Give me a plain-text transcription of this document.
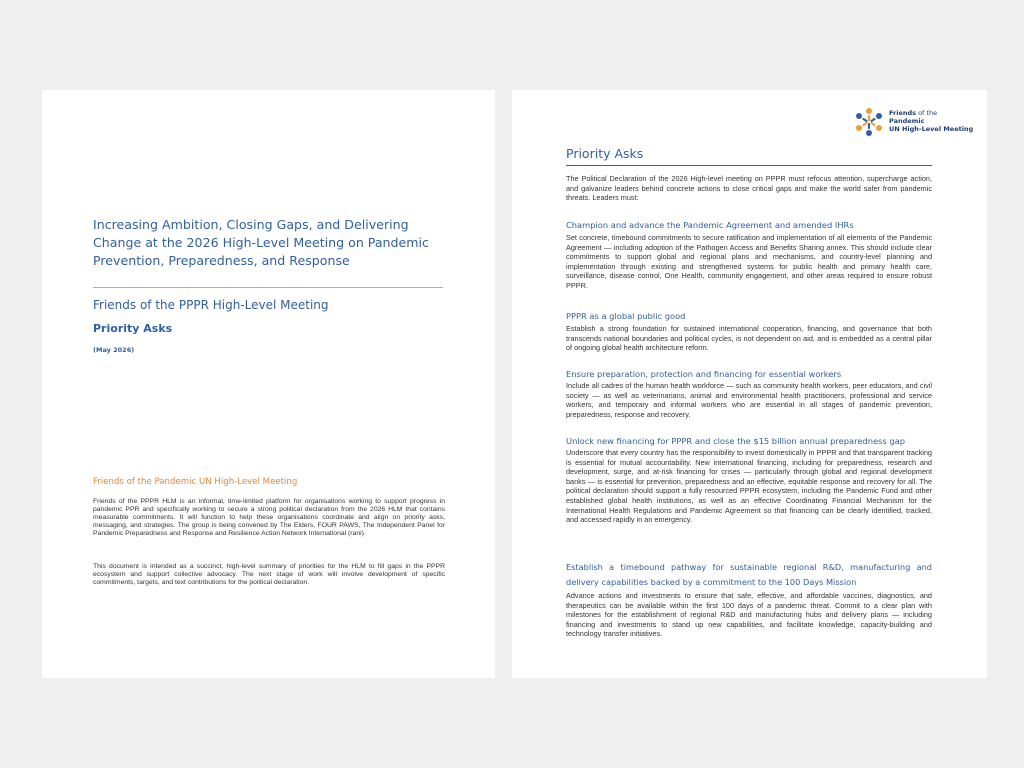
Increasing Ambition, Closing Gaps, and Delivering Change at the 2026 High-Level Meeting on Pandemic Prevention, Preparedness, and Response
Friends of the PPPR High-Level Meeting
Priority Asks
(May 2026)
Friends of the Pandemic UN High-Level Meeting

Friends of the PPPR HLM is an informal, time-limited platform for organisations working to support progress in pandemic PPR and specifically working to secure a strong political declaration from the 2026 HLM that contains measurable commitments. It will function to help these organisations coordinate and align on priority asks, messaging, and strategies. The group is being convened by The Elders, FOUR PAWS, The Independent Panel for Pandemic Preparedness and Response and Resilience Action Network International (rani).

This document is intended as a succinct, high-level summary of priorities for the HLM to fill gaps in the PPPR ecosystem and support collective advocacy. The next stage of work will involve development of specific commitments, targets, and text contributions for the political declaration.

Friends of the
Pandemic
UN High-Level Meeting
Priority Asks

The Political Declaration of the 2026 High-level meeting on PPPR must refocus attention, supercharge action, and galvanize leaders behind concrete actions to close critical gaps and make the world safer from pandemic threats. Leaders must:

Champion and advance the Pandemic Agreement and amended IHRs

Set concrete, timebound commitments to secure ratification and implementation of all elements of the Pandemic Agreement — including adoption of the Pathogen Access and Benefits Sharing annex. This should include clear commitments to support global and regional plans and mechanisms, and country-level planning and implementation through existing and strengthened systems for public health and primary health care, surveillance, disease control, One Health, community engagement, and other areas required to ensure robust PPPR.

PPPR as a global public good

Establish a strong foundation for sustained international cooperation, financing, and governance that both transcends national boundaries and political cycles, is not dependent on aid, and is embedded as a central pillar of ongoing global health architecture reform.

Ensure preparation, protection and financing for essential workers

Include all cadres of the human health workforce — such as community health workers, peer educators, and civil society — as well as veterinarians, animal and environmental health practitioners, professional and service workers, and temporary and informal workers who are essential in all stages of pandemic prevention, preparedness, response and recovery.

Unlock new financing for PPPR and close the $15 billion annual preparedness gap

Underscore that every country has the responsibility to invest domestically in PPPR and that transparent tracking is essential for mutual accountability. New international financing, including for preparedness, research and development, surge, and at-risk financing for crises — particularly through global and regional development banks — is essential for prevention, preparedness and an effective, equitable response and recovery for all. The political declaration should support a fully resourced PPPR ecosystem, including the Pandemic Fund and other established global health institutions, as well as an effective Coordinating Financial Mechanism for the International Health Regulations and Pandemic Agreement so that financing can be clearly identified, tracked, and accessed rapidly in an emergency.

Establish a timebound pathway for sustainable regional R&D, manufacturing and delivery capabilities backed by a commitment to the 100 Days Mission

Advance actions and investments to ensure that safe, effective, and affordable vaccines, diagnostics, and therapeutics can be available within the first 100 days of a pandemic threat. Commit to a clear plan with milestones for the establishment of regional R&D and manufacturing hubs and delivery plans — including financing and investments to stand up new capabilities, and facilitate knowledge, capacity-building and technology transfer initiatives.
